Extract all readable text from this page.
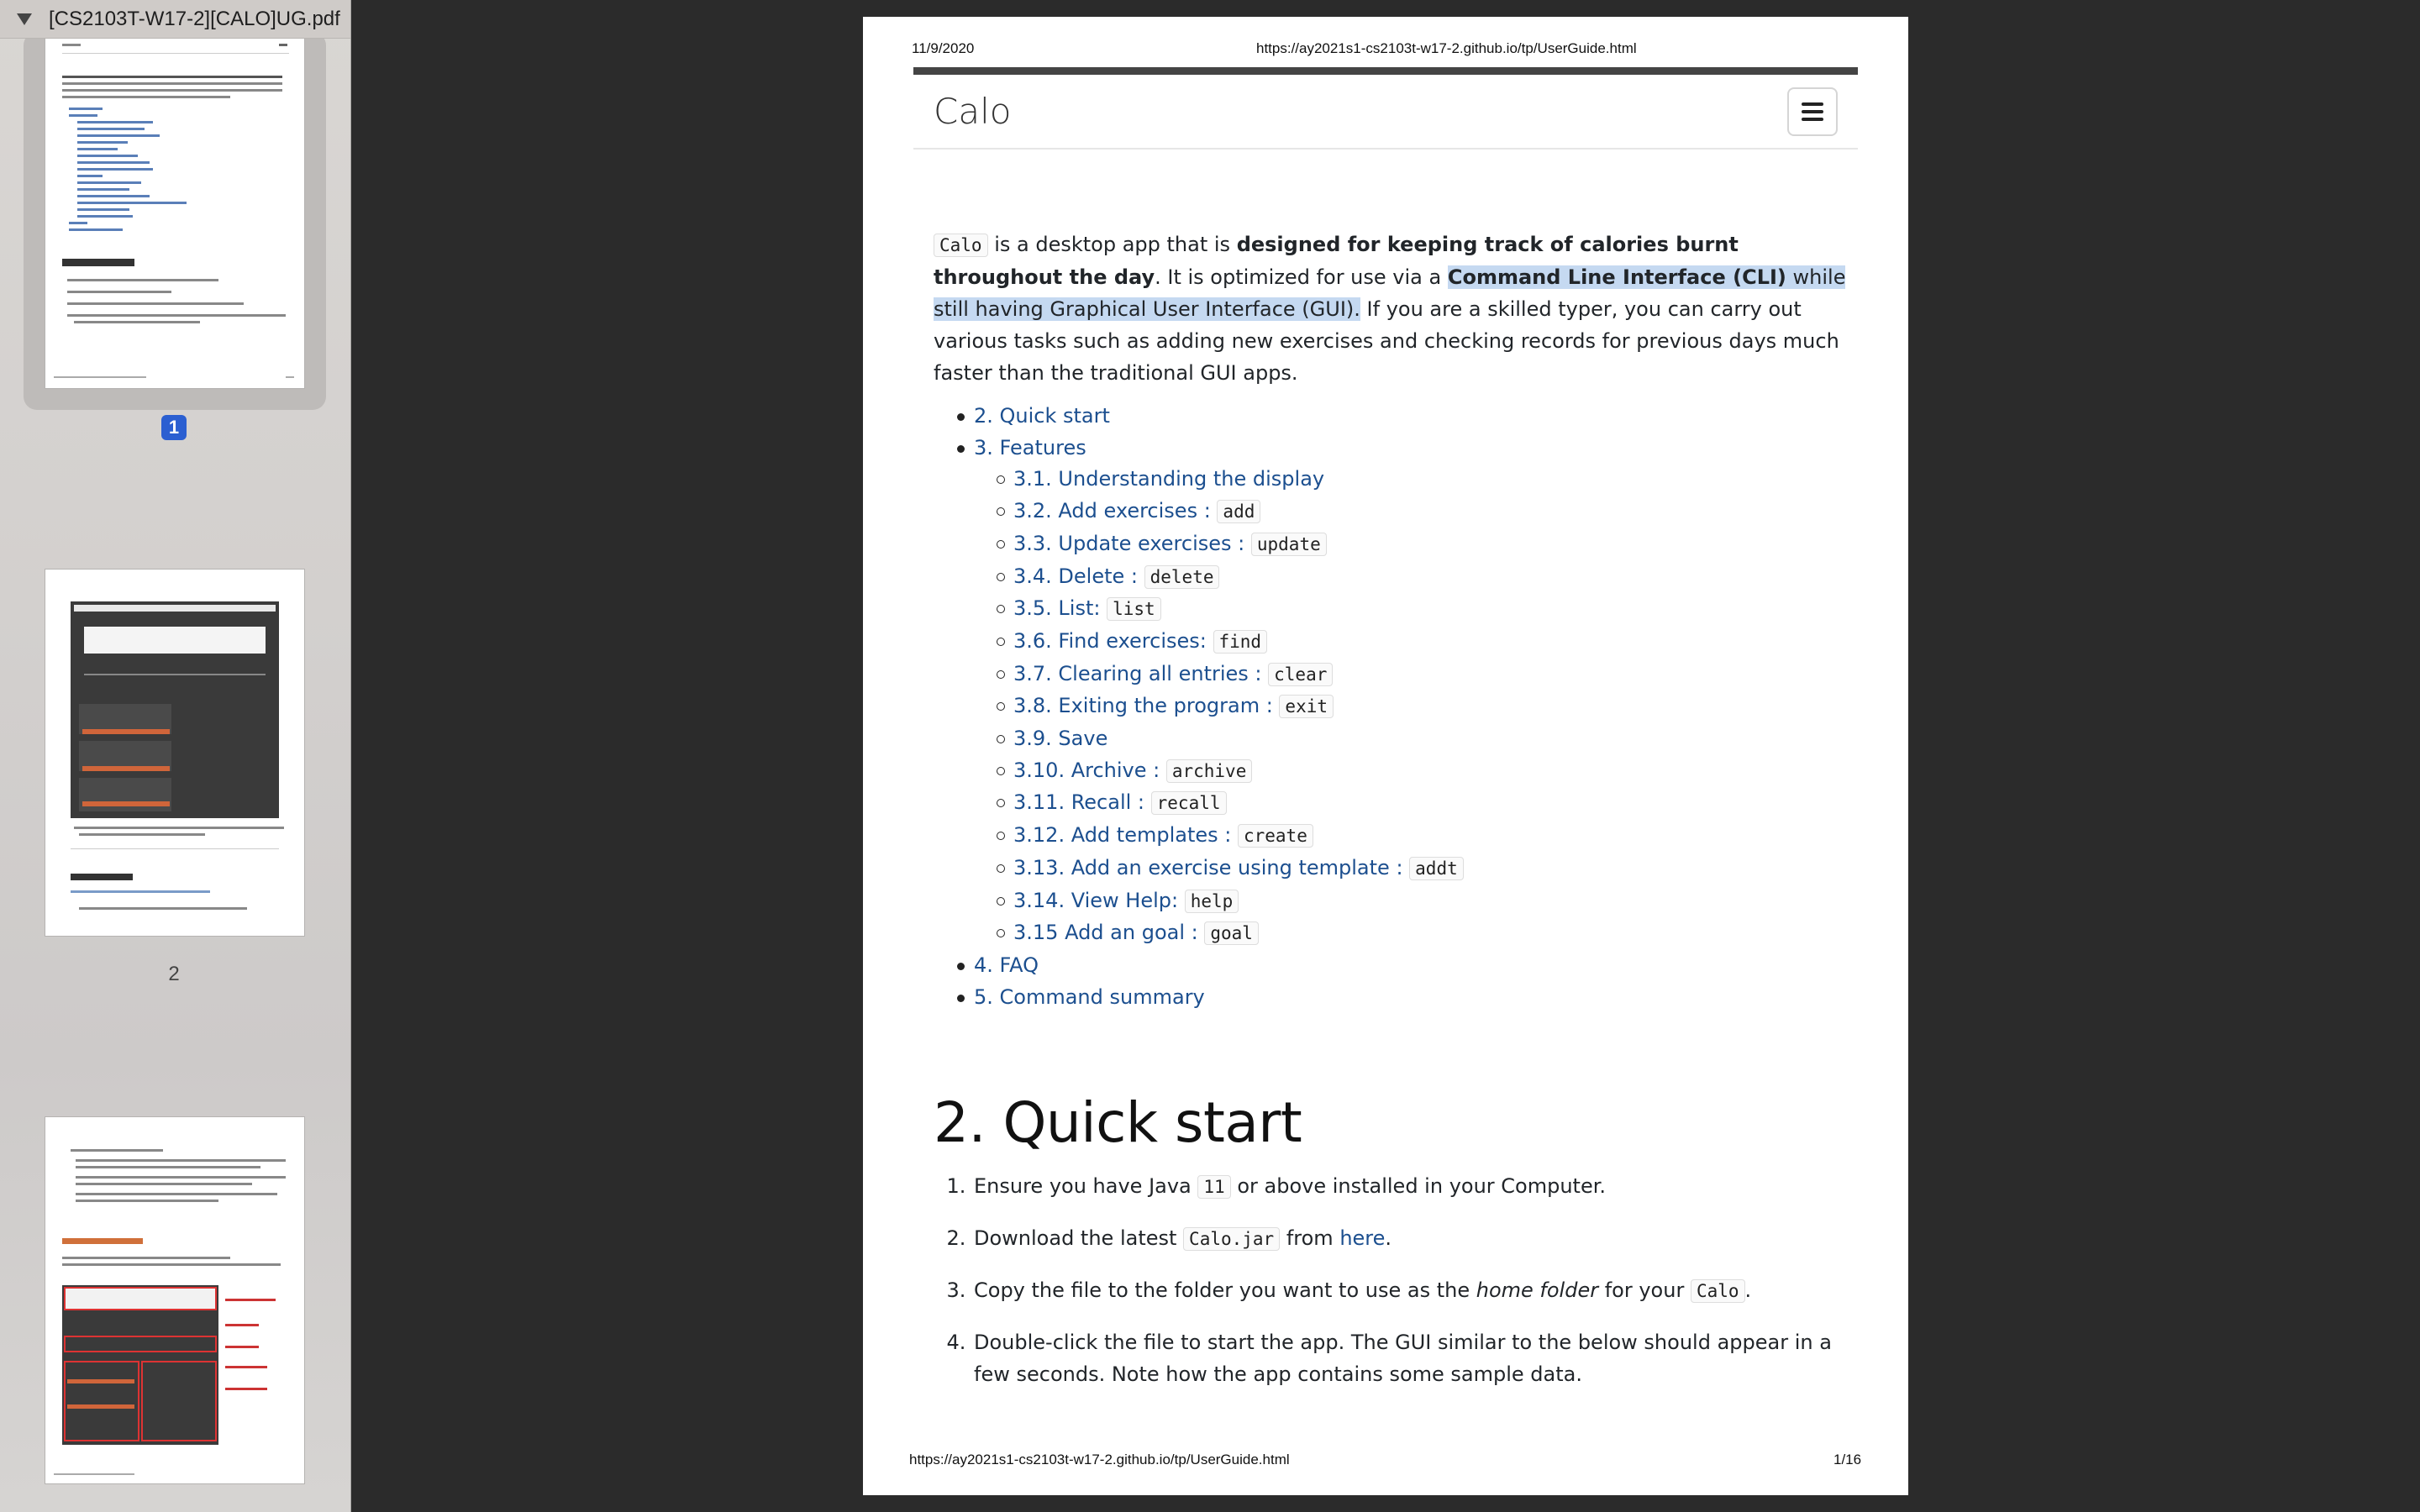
1
2
[CS2103T-W17-2][CALO]UG.pdf
11/9/2020	https://ay2021s1-cs2103t-w17-2.github.io/tp/UserGuide.html
Calo

Calo is a desktop app that is designed for keeping track of calories burnt throughout the day. It is optimized for use via a Command Line Interface (CLI) while still having Graphical User Interface (GUI). If you are a skilled typer, you can carry out various tasks such as adding new exercises and checking records for previous days much faster than the traditional GUI apps.

2. Quick start
3. Features
3.1. Understanding the display
3.2. Add exercises : add
3.3. Update exercises : update
3.4. Delete : delete
3.5. List: list
3.6. Find exercises: find
3.7. Clearing all entries : clear
3.8. Exiting the program : exit
3.9. Save
3.10. Archive : archive
3.11. Recall : recall
3.12. Add templates : create
3.13. Add an exercise using template : addt
3.14. View Help: help
3.15 Add an goal : goal
4. FAQ
5. Command summary
2. Quick start
1. Ensure you have Java 11 or above installed in your Computer.
2. Download the latest Calo.jar from here.
3. Copy the file to the folder you want to use as the home folder for your Calo .
4. Double-click the file to start the app. The GUI similar to the below should appear in a few seconds. Note how the app contains some sample data.
https://ay2021s1-cs2103t-w17-2.github.io/tp/UserGuide.html	1/16
